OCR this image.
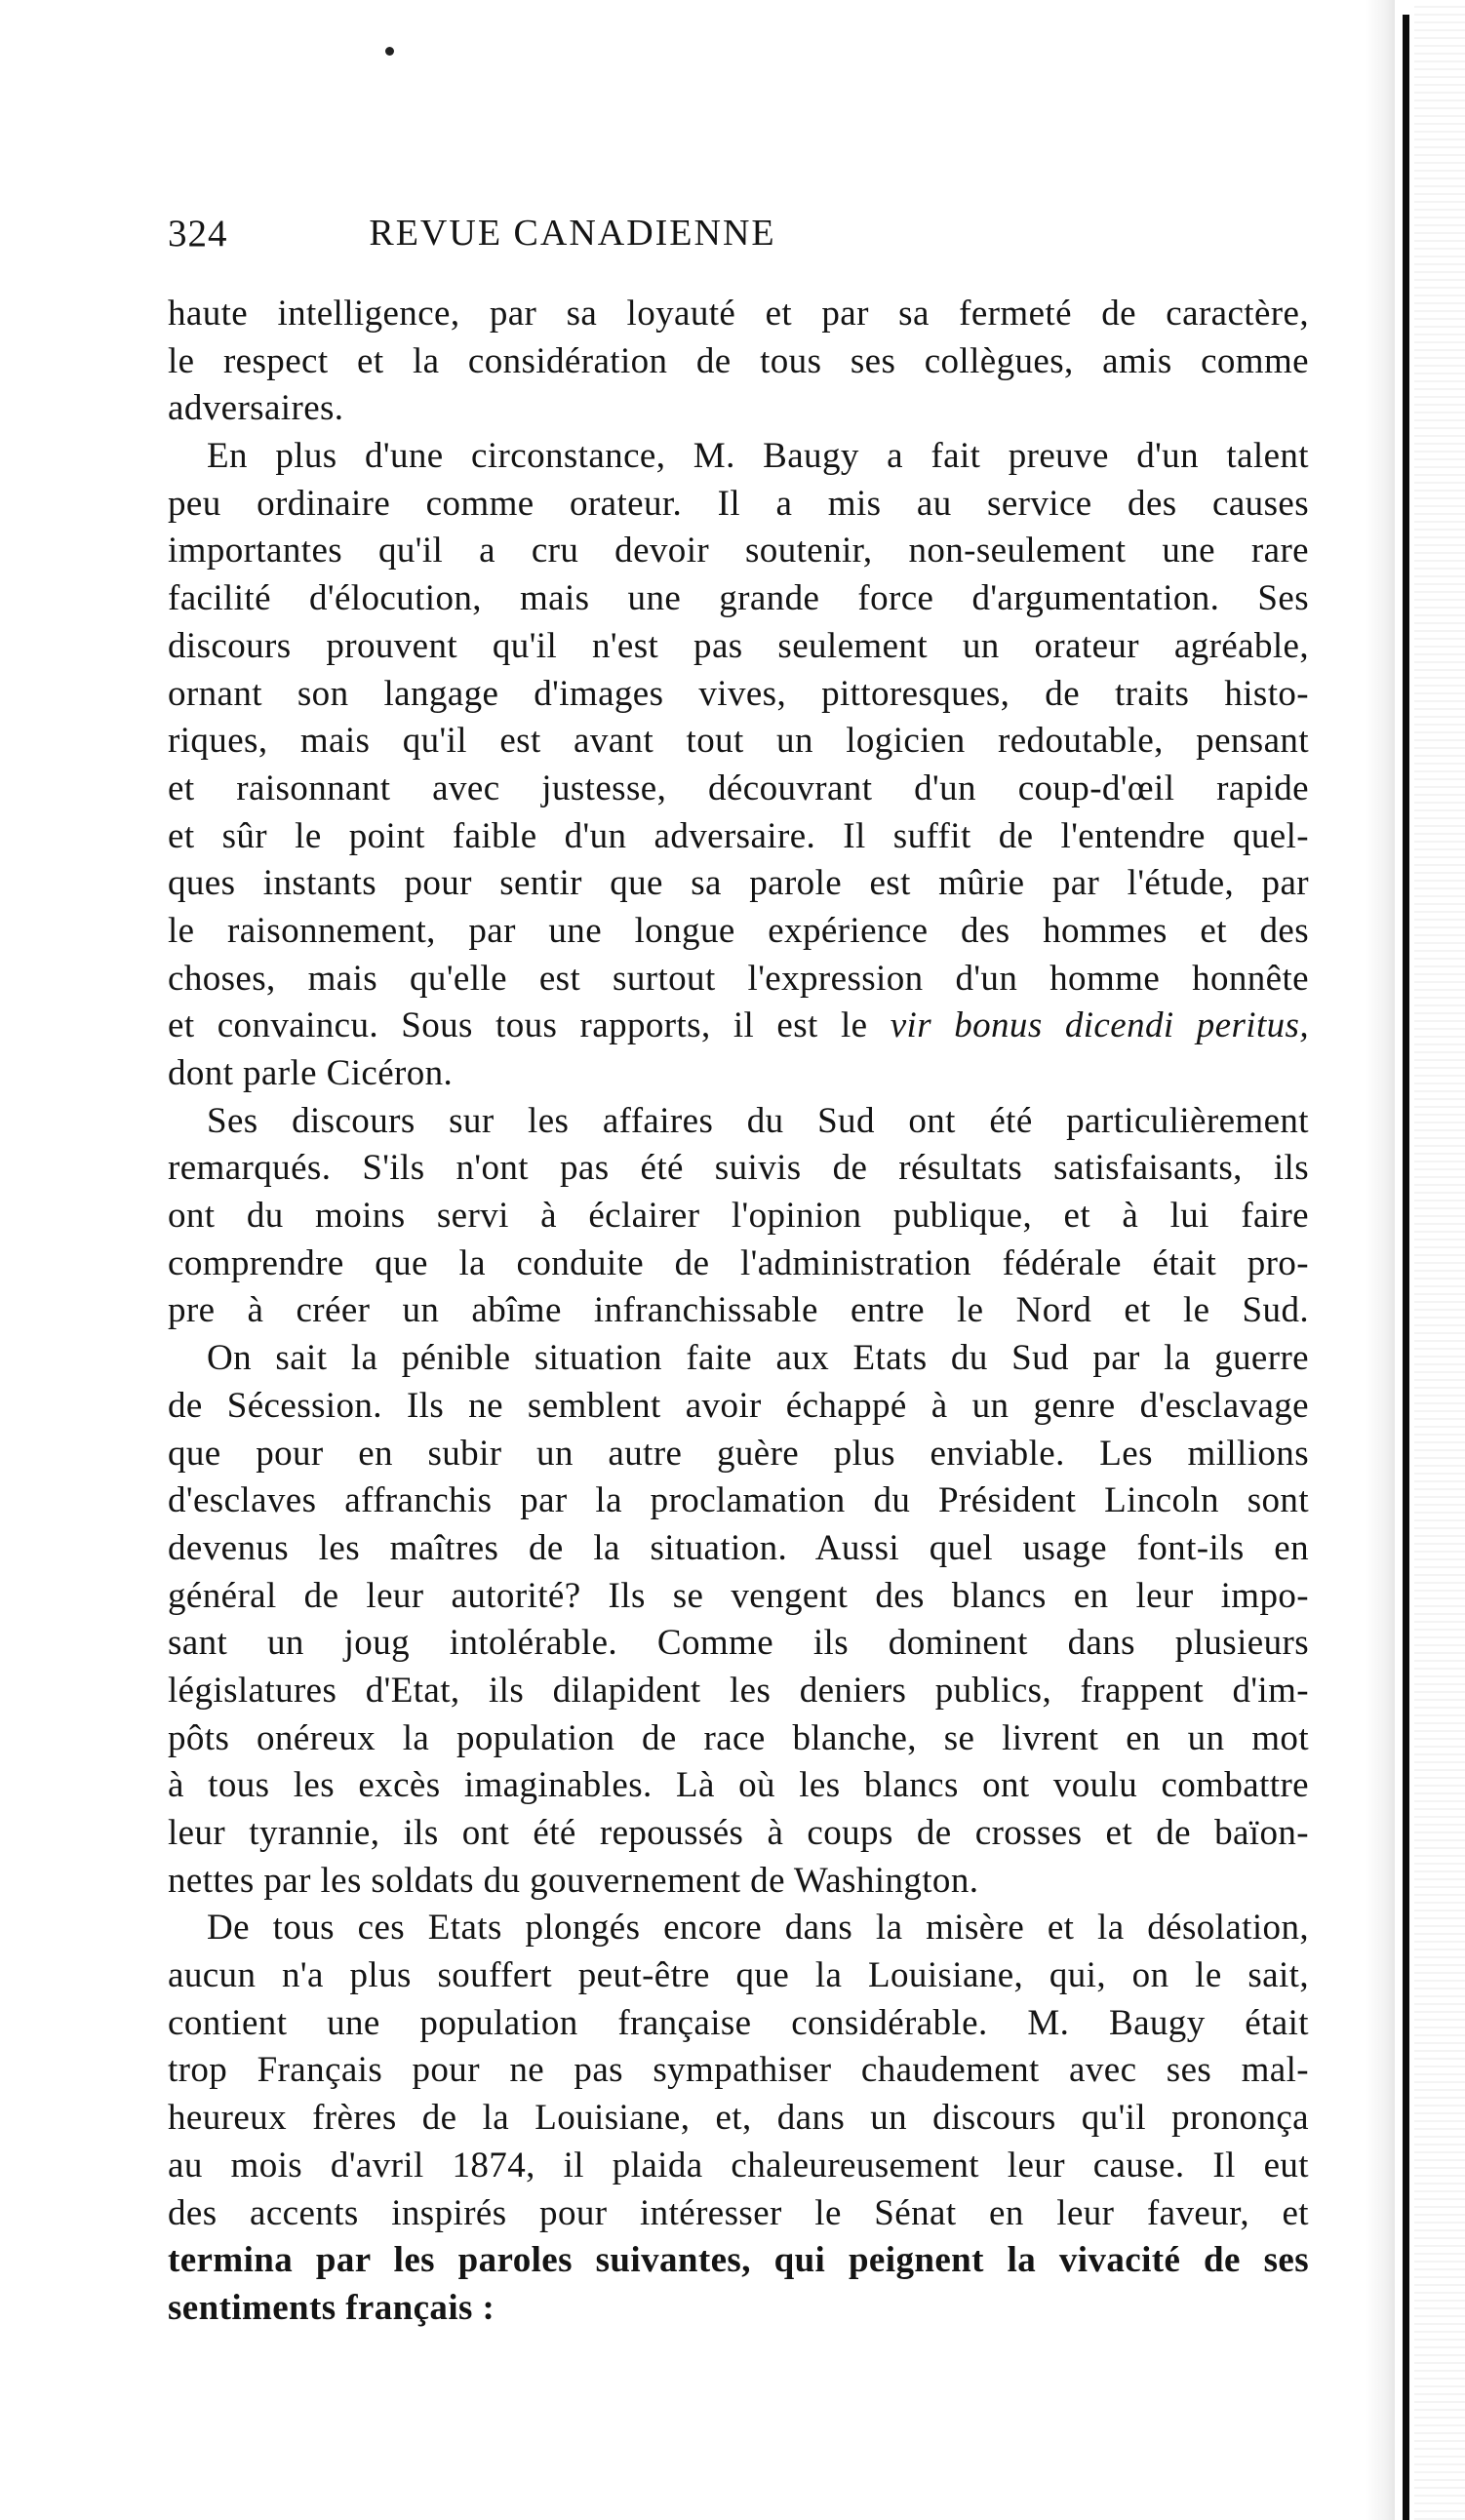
324	REVUE CANADIENNE
haute intelligence, par sa loyauté et par sa fermeté de caractère,
le respect et la considération de tous ses collègues, amis comme
adversaires.
En plus d'une circonstance, M. Baugy a fait preuve d'un talent
peu ordinaire comme orateur. Il a mis au service des causes
importantes qu'il a cru devoir soutenir, non-seulement une rare
facilité d'élocution, mais une grande force d'argumentation. Ses
discours prouvent qu'il n'est pas seulement un orateur agréable,
ornant son langage d'images vives, pittoresques, de traits histo-
riques, mais qu'il est avant tout un logicien redoutable, pensant
et raisonnant avec justesse, découvrant d'un coup-d'œil rapide
et sûr le point faible d'un adversaire. Il suffit de l'entendre quel-
ques instants pour sentir que sa parole est mûrie par l'étude, par
le raisonnement, par une longue expérience des hommes et des
choses, mais qu'elle est surtout l'expression d'un homme honnête
et convaincu. Sous tous rapports, il est le vir bonus dicendi peritus,
dont parle Cicéron.
Ses discours sur les affaires du Sud ont été particulièrement
remarqués. S'ils n'ont pas été suivis de résultats satisfaisants, ils
ont du moins servi à éclairer l'opinion publique, et à lui faire
comprendre que la conduite de l'administration fédérale était pro-
pre à créer un abîme infranchissable entre le Nord et le Sud.
On sait la pénible situation faite aux Etats du Sud par la guerre
de Sécession. Ils ne semblent avoir échappé à un genre d'esclavage
que pour en subir un autre guère plus enviable. Les millions
d'esclaves affranchis par la proclamation du Président Lincoln sont
devenus les maîtres de la situation. Aussi quel usage font-ils en
général de leur autorité? Ils se vengent des blancs en leur impo-
sant un joug intolérable. Comme ils dominent dans plusieurs
législatures d'Etat, ils dilapident les deniers publics, frappent d'im-
pôts onéreux la population de race blanche, se livrent en un mot
à tous les excès imaginables. Là où les blancs ont voulu combattre
leur tyrannie, ils ont été repoussés à coups de crosses et de baïon-
nettes par les soldats du gouvernement de Washington.
De tous ces Etats plongés encore dans la misère et la désolation,
aucun n'a plus souffert peut-être que la Louisiane, qui, on le sait,
contient une population française considérable. M. Baugy était
trop Français pour ne pas sympathiser chaudement avec ses mal-
heureux frères de la Louisiane, et, dans un discours qu'il prononça
au mois d'avril 1874, il plaida chaleureusement leur cause. Il eut
des accents inspirés pour intéresser le Sénat en leur faveur, et
termina par les paroles suivantes, qui peignent la vivacité de ses
sentiments français :
